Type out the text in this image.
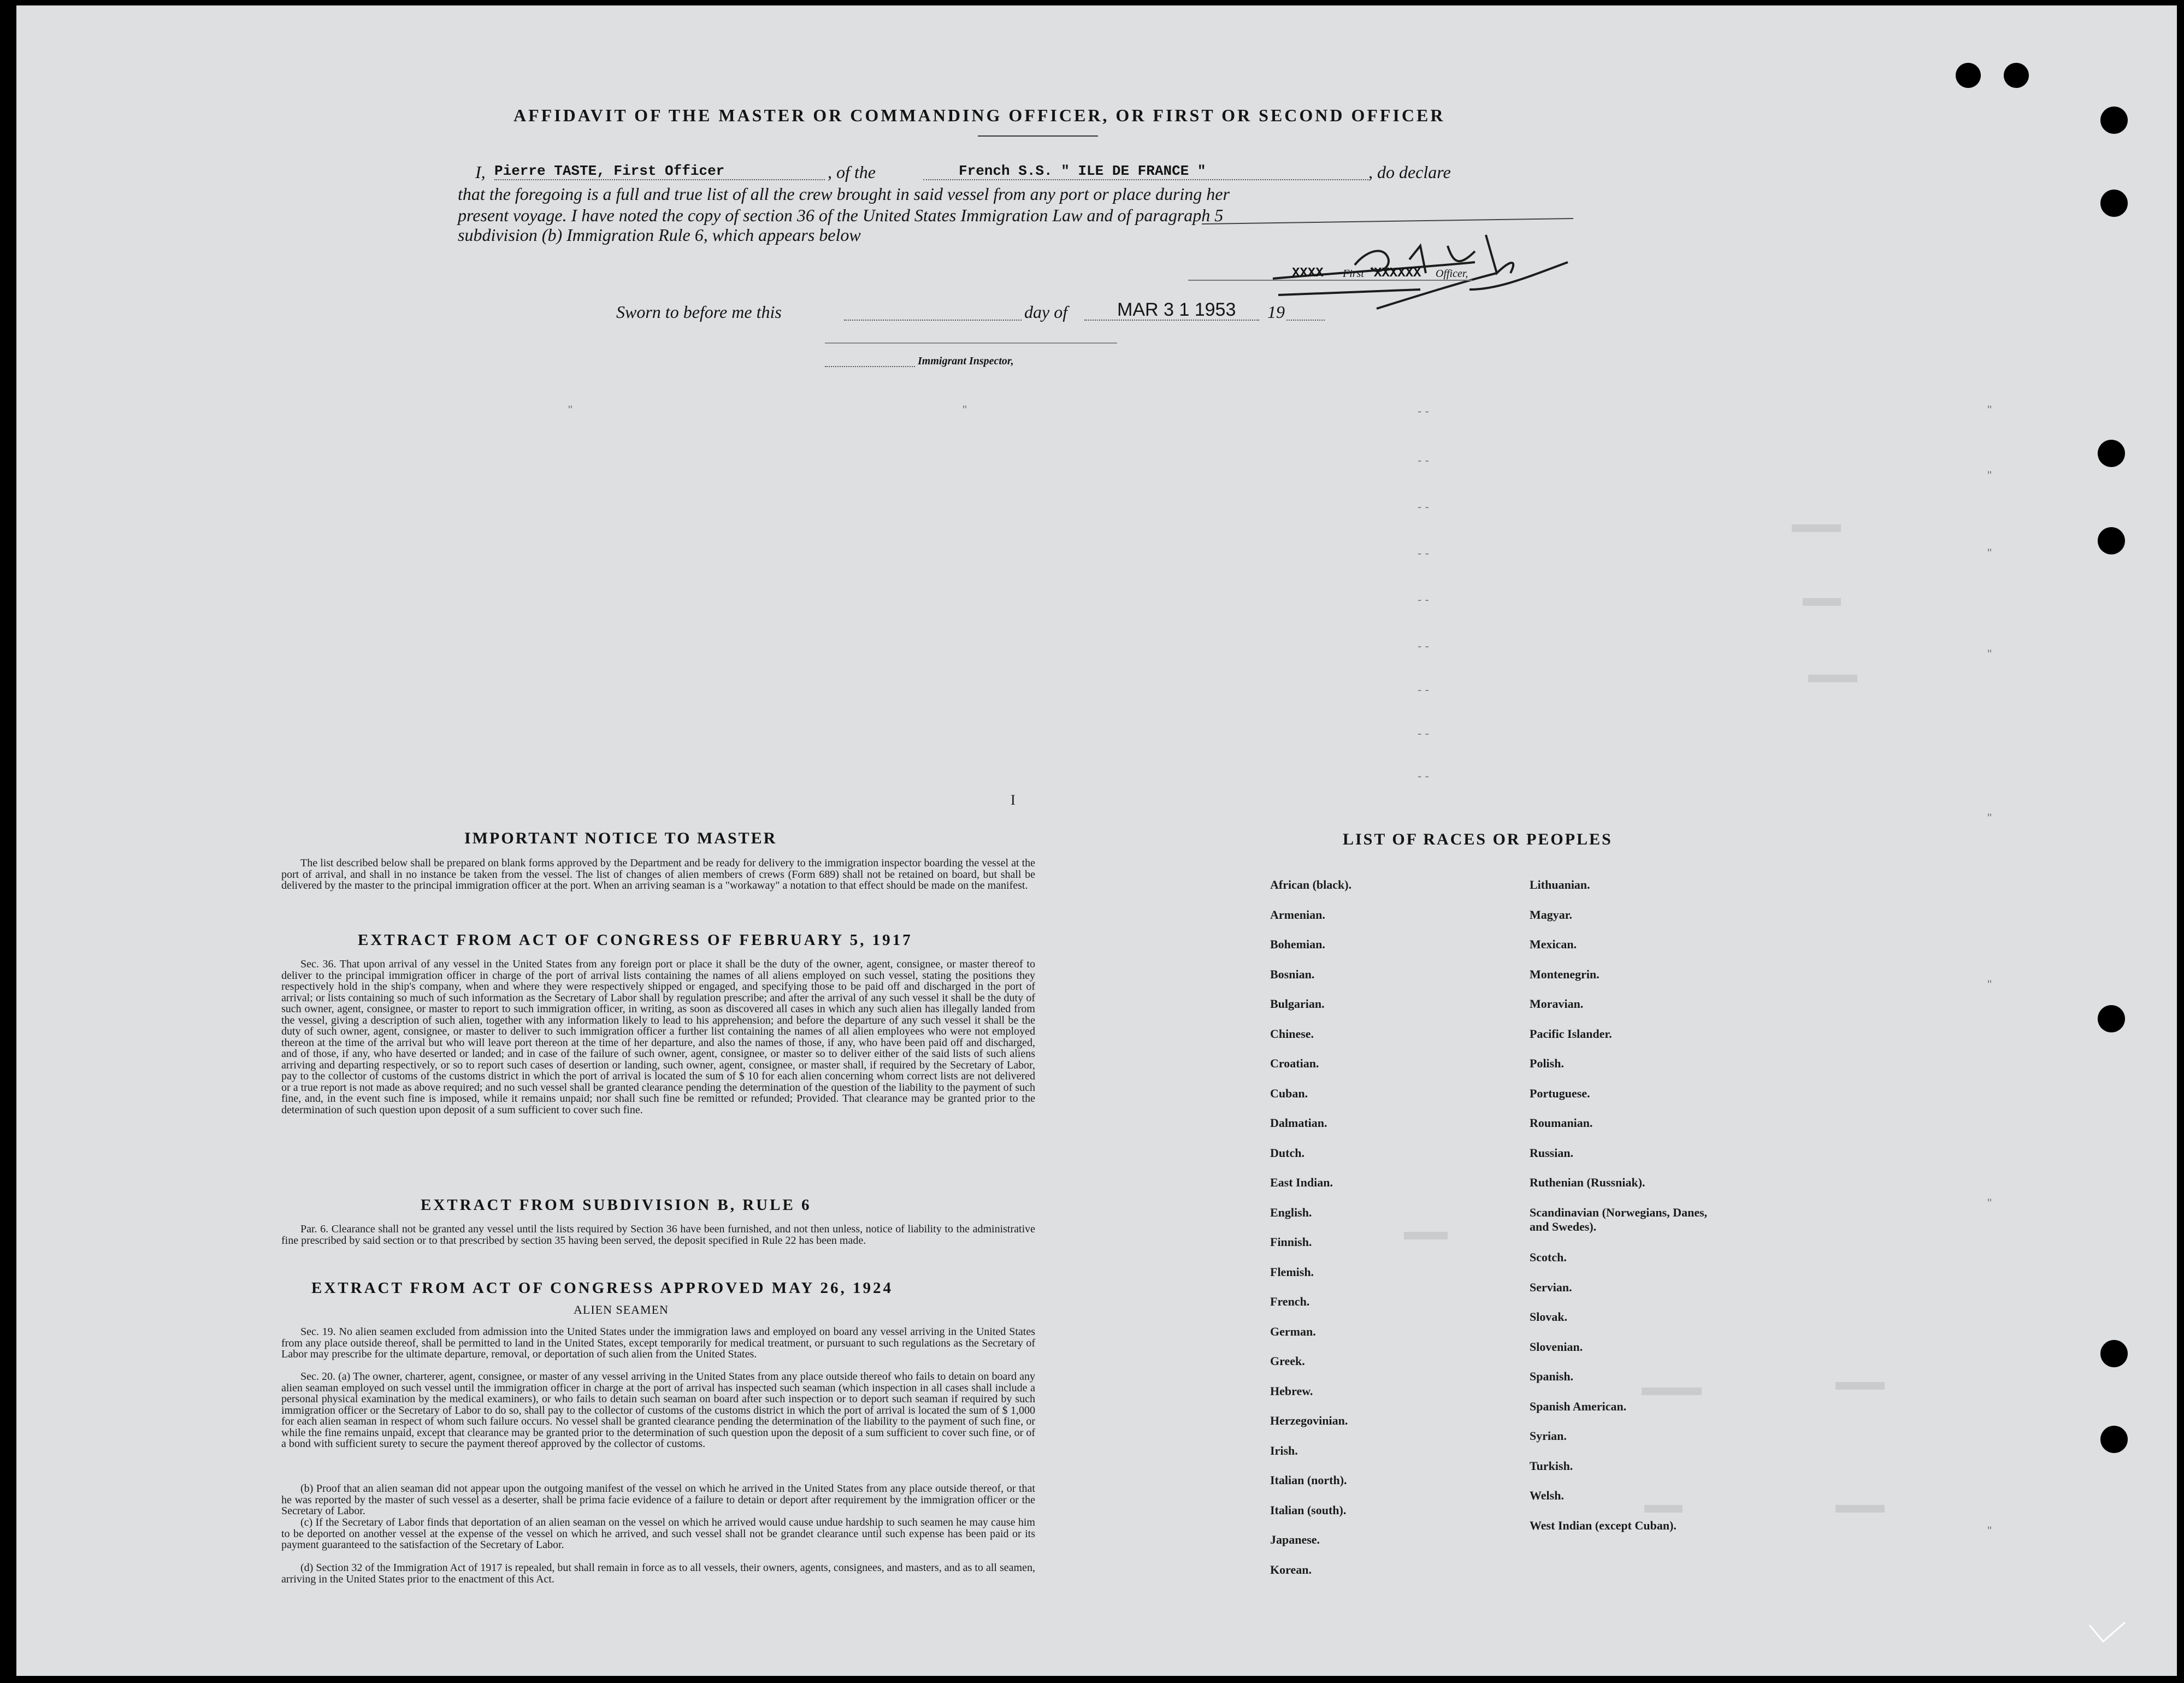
AFFIDAVIT OF THE MASTER OR COMMANDING OFFICER, OR FIRST OR SECOND OFFICER
I, Pierre TASTE, First Officer	, of the	French S.S. " ILE DE FRANCE "	, do declare
that the foregoing is a full and true list of all the crew brought in said vessel from any port or place during her
present voyage. I have noted the copy of section 36 of the United States Immigration Law and of paragraph 5
subdivision (b) Immigration Rule 6, which appears below
XXXX First XXXXXX Officer,
Sworn to before me this	day of	MAR 3 1 1953 19
Immigrant Inspector,
"	"	"
"
"
"
"
"
"
"
- -
- -
- -
- -
- -
- -
- -
- -
- -
I
IMPORTANT NOTICE TO MASTER
The list described below shall be prepared on blank forms approved by the Department and be ready for delivery to the immigration inspector boarding the vessel at the port of arrival, and shall in no instance be taken from the vessel. The list of changes of alien members of crews (Form 689) shall not be retained on board, but shall be delivered by the master to the principal immigration officer at the port. When an arriving seaman is a "workaway" a notation to that effect should be made on the manifest.
EXTRACT FROM ACT OF CONGRESS OF FEBRUARY 5, 1917
Sec. 36. That upon arrival of any vessel in the United States from any foreign port or place it shall be the duty of the owner, agent, consignee, or master thereof to deliver to the principal immigration officer in charge of the port of arrival lists containing the names of all aliens employed on such vessel, stating the positions they respectively hold in the ship's company, when and where they were respectively shipped or engaged, and specifying those to be paid off and discharged in the port of arrival; or lists containing so much of such information as the Secretary of Labor shall by regulation prescribe; and after the arrival of any such vessel it shall be the duty of such owner, agent, consignee, or master to report to such immigration officer, in writing, as soon as discovered all cases in which any such alien has illegally landed from the vessel, giving a description of such alien, together with any information likely to lead to his apprehension; and before the departure of any such vessel it shall be the duty of such owner, agent, consignee, or master to deliver to such immigration officer a further list containing the names of all alien employees who were not employed thereon at the time of the arrival but who will leave port thereon at the time of her departure, and also the names of those, if any, who have been paid off and discharged, and of those, if any, who have deserted or landed; and in case of the failure of such owner, agent, consignee, or master so to deliver either of the said lists of such aliens arriving and departing respectively, or so to report such cases of desertion or landing, such owner, agent, consignee, or master shall, if required by the Secretary of Labor, pay to the collector of customs of the customs district in which the port of arrival is located the sum of $ 10 for each alien concerning whom correct lists are not delivered or a true report is not made as above required; and no such vessel shall be granted clearance pending the determination of the question of the liability to the payment of such fine, and, in the event such fine is imposed, while it remains unpaid; nor shall such fine be remitted or refunded; Provided. That clearance may be granted prior to the determination of such question upon deposit of a sum sufficient to cover such fine.
EXTRACT FROM SUBDIVISION B, RULE 6
Par. 6. Clearance shall not be granted any vessel until the lists required by Section 36 have been furnished, and not then unless, notice of liability to the administrative fine prescribed by said section or to that prescribed by section 35 having been served, the deposit specified in Rule 22 has been made.
EXTRACT FROM ACT OF CONGRESS APPROVED MAY 26, 1924
ALIEN SEAMEN
Sec. 19. No alien seamen excluded from admission into the United States under the immigration laws and employed on board any vessel arriving in the United States from any place outside thereof, shall be permitted to land in the United States, except temporarily for medical treatment, or pursuant to such regulations as the Secretary of Labor may prescribe for the ultimate departure, removal, or deportation of such alien from the United States.
Sec. 20. (a) The owner, charterer, agent, consignee, or master of any vessel arriving in the United States from any place outside thereof who fails to detain on board any alien seaman employed on such vessel until the immigration officer in charge at the port of arrival has inspected such seaman (which inspection in all cases shall include a personal physical examination by the medical examiners), or who fails to detain such seaman on board after such inspection or to deport such seaman if required by such immigration officer or the Secretary of Labor to do so, shall pay to the collector of customs of the customs district in which the port of arrival is located the sum of $ 1,000 for each alien seaman in respect of whom such failure occurs. No vessel shall be granted clearance pending the determination of the liability to the payment of such fine, or while the fine remains unpaid, except that clearance may be granted prior to the determination of such question upon the deposit of a sum sufficient to cover such fine, or of a bond with sufficient surety to secure the payment thereof approved by the collector of customs.
(b) Proof that an alien seaman did not appear upon the outgoing manifest of the vessel on which he arrived in the United States from any place outside thereof, or that he was reported by the master of such vessel as a deserter, shall be prima facie evidence of a failure to detain or deport after requirement by the immigration officer or the Secretary of Labor.
(c) If the Secretary of Labor finds that deportation of an alien seaman on the vessel on which he arrived would cause undue hardship to such seamen he may cause him to be deported on another vessel at the expense of the vessel on which he arrived, and such vessel shall not be grandet clearance until such expense has been paid or its payment guaranteed to the satisfaction of the Secretary of Labor.
(d) Section 32 of the Immigration Act of 1917 is repealed, but shall remain in force as to all vessels, their owners, agents, consignees, and masters, and as to all seamen, arriving in the United States prior to the enactment of this Act.
LIST OF RACES OR PEOPLES
African (black).
Armenian.
Bohemian.
Bosnian.
Bulgarian.
Chinese.
Croatian.
Cuban.
Dalmatian.
Dutch.
East Indian.
English.
Finnish.
Flemish.
French.
German.
Greek.
Hebrew.
Herzegovinian.
Irish.
Italian (north).
Italian (south).
Japanese.
Korean.
Lithuanian.
Magyar.
Mexican.
Montenegrin.
Moravian.
Pacific Islander.
Polish.
Portuguese.
Roumanian.
Russian.
Ruthenian (Russniak).
Scandinavian (Norwegians, Danes, and Swedes).
Scotch.
Servian.
Slovak.
Slovenian.
Spanish.
Spanish American.
Syrian.
Turkish.
Welsh.
West Indian (except Cuban).
